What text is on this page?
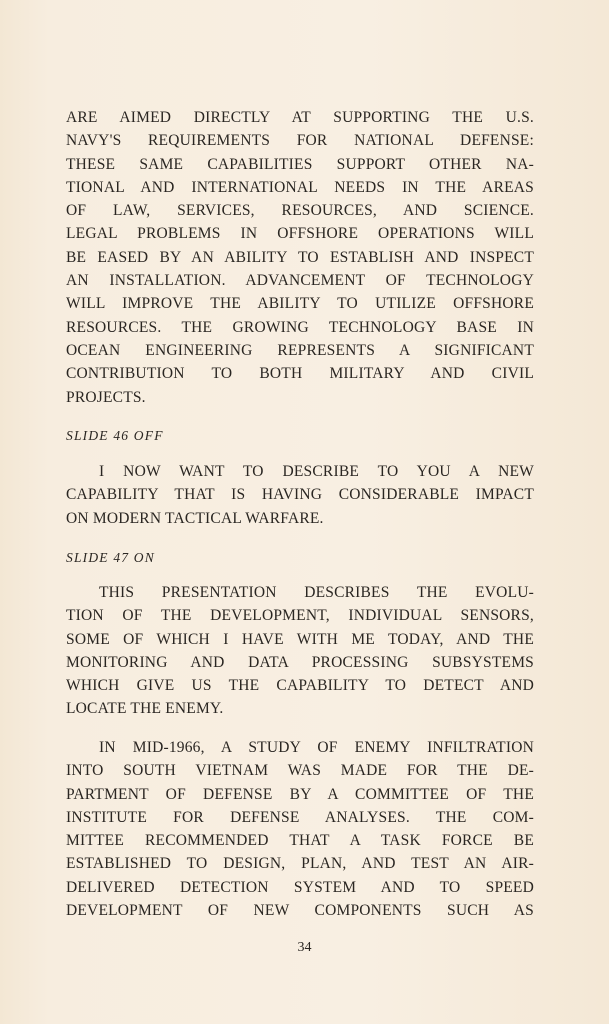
ARE AIMED DIRECTLY AT SUPPORTING THE U.S.
NAVY'S REQUIREMENTS FOR NATIONAL DEFENSE:
THESE SAME CAPABILITIES SUPPORT OTHER NA-
TIONAL AND INTERNATIONAL NEEDS IN THE AREAS
OF LAW, SERVICES, RESOURCES, AND SCIENCE.
LEGAL PROBLEMS IN OFFSHORE OPERATIONS WILL
BE EASED BY AN ABILITY TO ESTABLISH AND INSPECT
AN INSTALLATION. ADVANCEMENT OF TECHNOLOGY
WILL IMPROVE THE ABILITY TO UTILIZE OFFSHORE
RESOURCES. THE GROWING TECHNOLOGY BASE IN
OCEAN ENGINEERING REPRESENTS A SIGNIFICANT
CONTRIBUTION TO BOTH MILITARY AND CIVIL
PROJECTS.

SLIDE 46 OFF

I NOW WANT TO DESCRIBE TO YOU A NEW
CAPABILITY THAT IS HAVING CONSIDERABLE IMPACT
ON MODERN TACTICAL WARFARE.

SLIDE 47 ON

THIS PRESENTATION DESCRIBES THE EVOLU-
TION OF THE DEVELOPMENT, INDIVIDUAL SENSORS,
SOME OF WHICH I HAVE WITH ME TODAY, AND THE
MONITORING AND DATA PROCESSING SUBSYSTEMS
WHICH GIVE US THE CAPABILITY TO DETECT AND
LOCATE THE ENEMY.

IN MID-1966, A STUDY OF ENEMY INFILTRATION
INTO SOUTH VIETNAM WAS MADE FOR THE DE-
PARTMENT OF DEFENSE BY A COMMITTEE OF THE
INSTITUTE FOR DEFENSE ANALYSES. THE COM-
MITTEE RECOMMENDED THAT A TASK FORCE BE
ESTABLISHED TO DESIGN, PLAN, AND TEST AN AIR-
DELIVERED DETECTION SYSTEM AND TO SPEED
DEVELOPMENT OF NEW COMPONENTS SUCH AS

34
